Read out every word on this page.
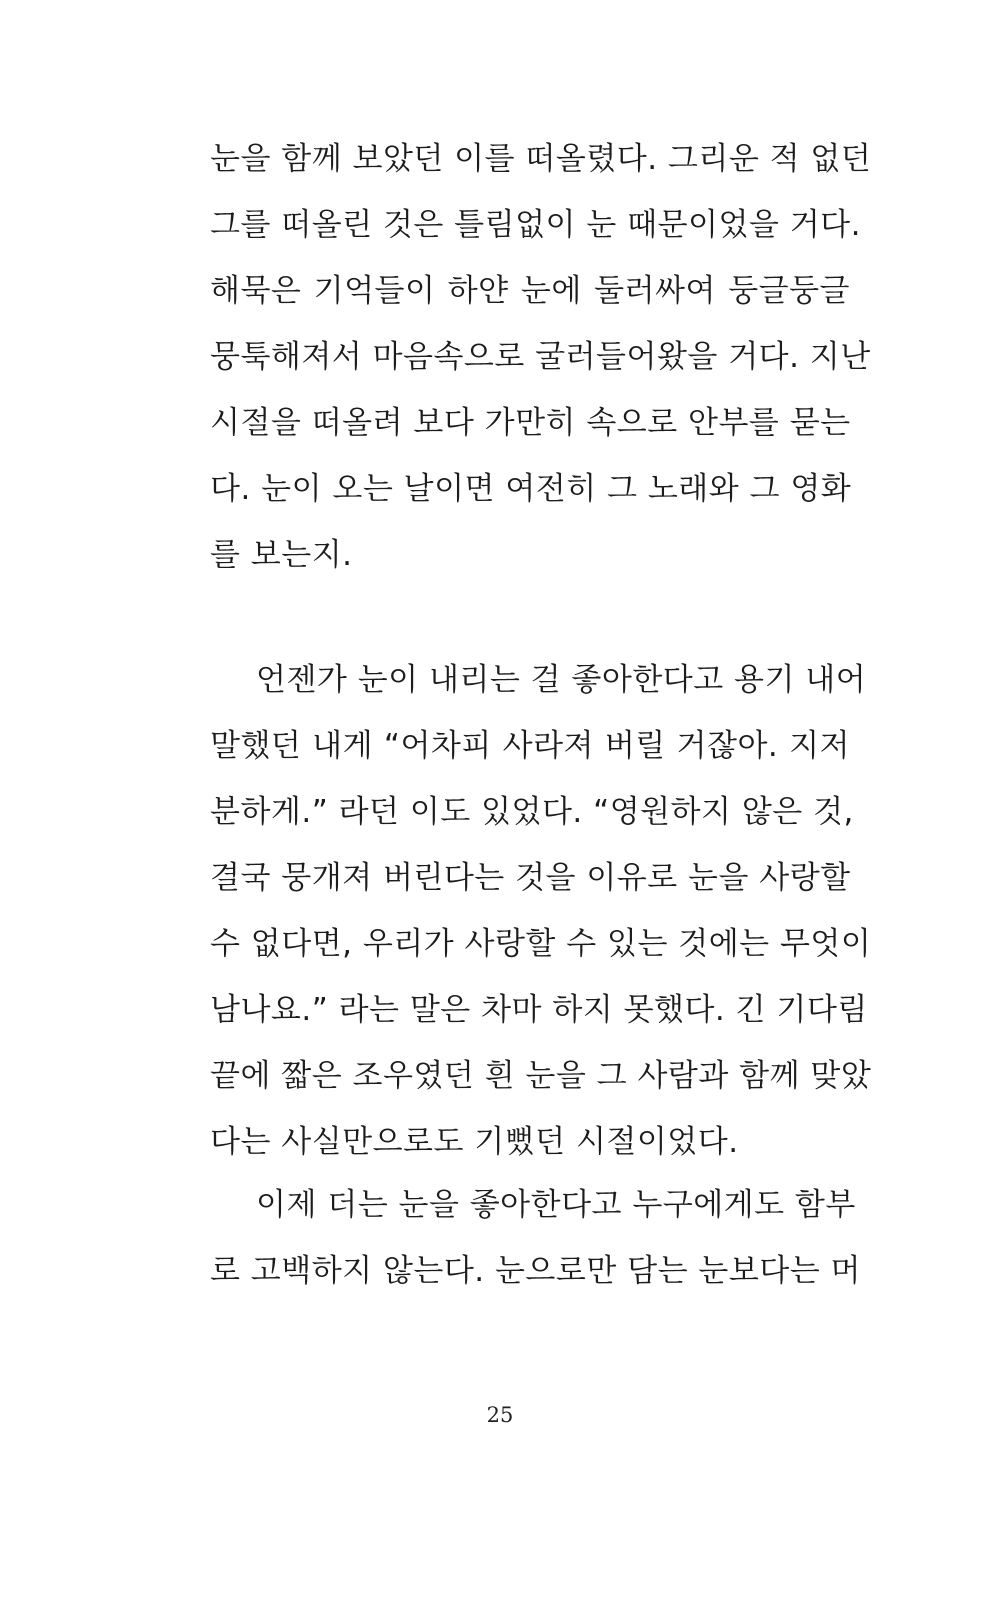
눈을 함께 보았던 이를 떠올렸다. 그리운 적 없던
그를 떠올린 것은 틀림없이 눈 때문이었을 거다.
해묵은 기억들이 하얀 눈에 둘러싸여 둥글둥글
뭉툭해져서 마음속으로 굴러들어왔을 거다. 지난
시절을 떠올려 보다 가만히 속으로 안부를 묻는
다. 눈이 오는 날이면 여전히 그 노래와 그 영화
를 보는지.
언젠가 눈이 내리는 걸 좋아한다고 용기 내어
말했던 내게 “어차피 사라져 버릴 거잖아. 지저
분하게.” 라던 이도 있었다. “영원하지 않은 것,
결국 뭉개져 버린다는 것을 이유로 눈을 사랑할
수 없다면, 우리가 사랑할 수 있는 것에는 무엇이
남나요.” 라는 말은 차마 하지 못했다. 긴 기다림
끝에 짧은 조우였던 흰 눈을 그 사람과 함께 맞았
다는 사실만으로도 기뻤던 시절이었다.
이제 더는 눈을 좋아한다고 누구에게도 함부
로 고백하지 않는다. 눈으로만 담는 눈보다는 머
25
